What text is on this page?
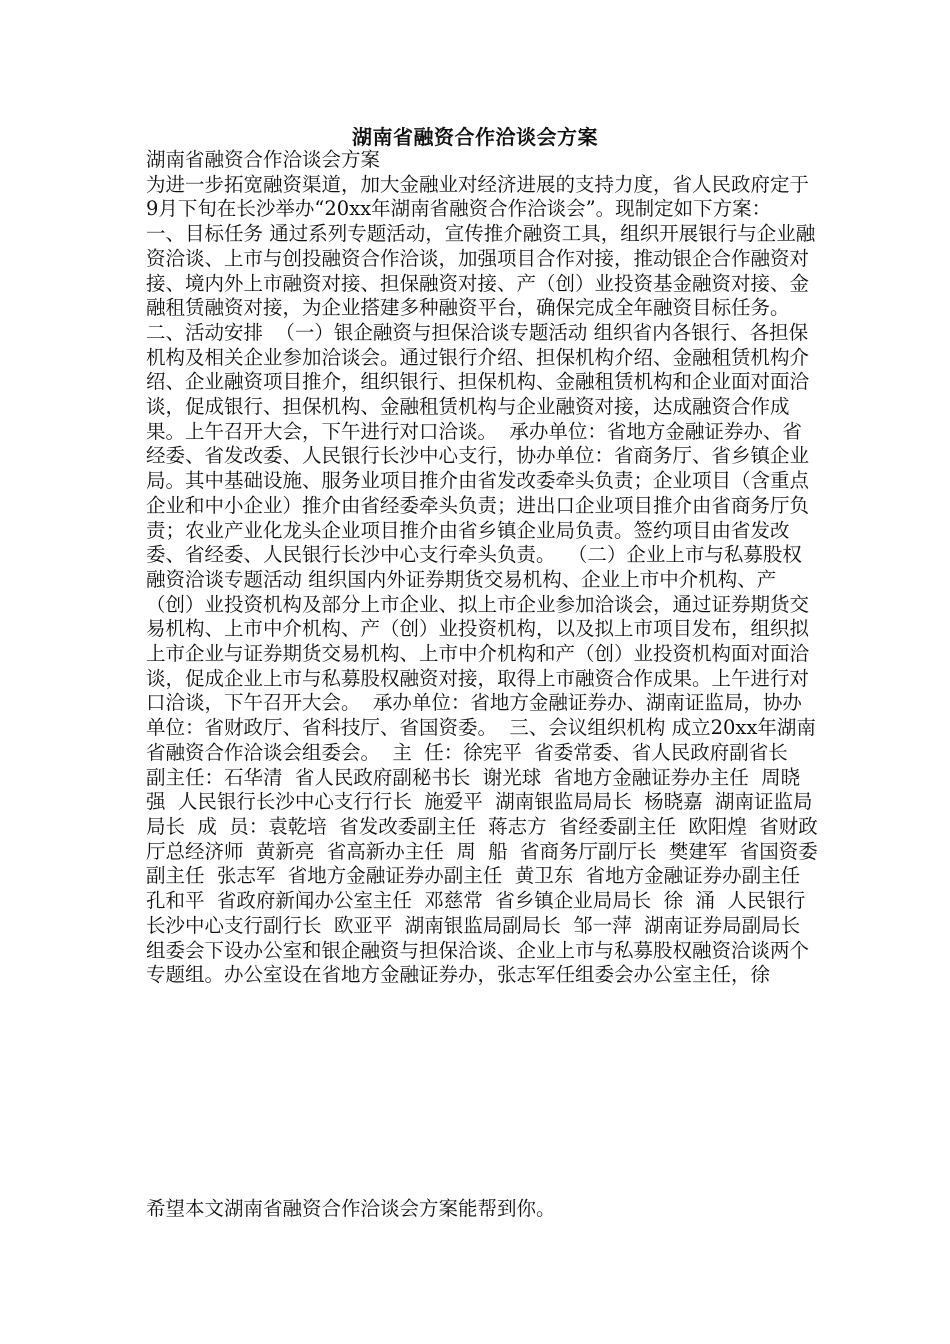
湖南省融资合作洽谈会方案
湖南省融资合作洽谈会方案
为进一步拓宽融资渠道，加大金融业对经济进展的支持力度，省人民政府定于9月下旬在长沙举办“20xx年湖南省融资合作洽谈会”。现制定如下方案：  一、目标任务 通过系列专题活动，宣传推介融资工具，组织开展银行与企业融资洽谈、上市与创投融资合作洽谈，加强项目合作对接，推动银企合作融资对接、境内外上市融资对接、担保融资对接、产（创）业投资基金融资对接、金融租赁融资对接，为企业搭建多种融资平台，确保完成全年融资目标任务。  二、活动安排  （一）银企融资与担保洽谈专题活动 组织省内各银行、各担保机构及相关企业参加洽谈会。通过银行介绍、担保机构介绍、金融租赁机构介绍、企业融资项目推介，组织银行、担保机构、金融租赁机构和企业面对面洽谈，促成银行、担保机构、金融租赁机构与企业融资对接，达成融资合作成果。上午召开大会，下午进行对口洽谈。  承办单位：省地方金融证券办、省经委、省发改委、人民银行长沙中心支行，协办单位：省商务厅、省乡镇企业局。其中基础设施、服务业项目推介由省发改委牵头负责；企业项目（含重点企业和中小企业）推介由省经委牵头负责；进出口企业项目推介由省商务厅负责；农业产业化龙头企业项目推介由省乡镇企业局负责。签约项目由省发改委、省经委、人民银行长沙中心支行牵头负责。  （二）企业上市与私募股权融资洽谈专题活动 组织国内外证券期货交易机构、企业上市中介机构、产（创）业投资机构及部分上市企业、拟上市企业参加洽谈会，通过证券期货交易机构、上市中介机构、产（创）业投资机构，以及拟上市项目发布，组织拟上市企业与证券期货交易机构、上市中介机构和产（创）业投资机构面对面洽谈，促成企业上市与私募股权融资对接，取得上市融资合作成果。上午进行对口洽谈，下午召开大会。  承办单位：省地方金融证券办、湖南证监局，协办单位：省财政厅、省科技厅、省国资委。  三、会议组织机构 成立20xx年湖南省融资合作洽谈会组委会。  主  任：徐宪平  省委常委、省人民政府副省长  副主任：石华清  省人民政府副秘书长  谢光球  省地方金融证券办主任  周晓强  人民银行长沙中心支行行长  施爱平  湖南银监局局长  杨晓嘉  湖南证监局局长  成  员：袁乾培  省发改委副主任  蒋志方  省经委副主任  欧阳煌  省财政厅总经济师  黄新亮  省高新办主任  周  船  省商务厅副厅长  樊建军  省国资委副主任  张志军  省地方金融证券办副主任  黄卫东  省地方金融证券办副主任  孔和平  省政府新闻办公室主任  邓慈常  省乡镇企业局局长  徐  涌  人民银行长沙中心支行副行长  欧亚平  湖南银监局副局长  邹一萍  湖南证券局副局长  组委会下设办公室和银企融资与担保洽谈、企业上市与私募股权融资洽谈两个专题组。办公室设在省地方金融证券办，张志军任组委会办公室主任，徐
希望本文湖南省融资合作洽谈会方案能帮到你。
